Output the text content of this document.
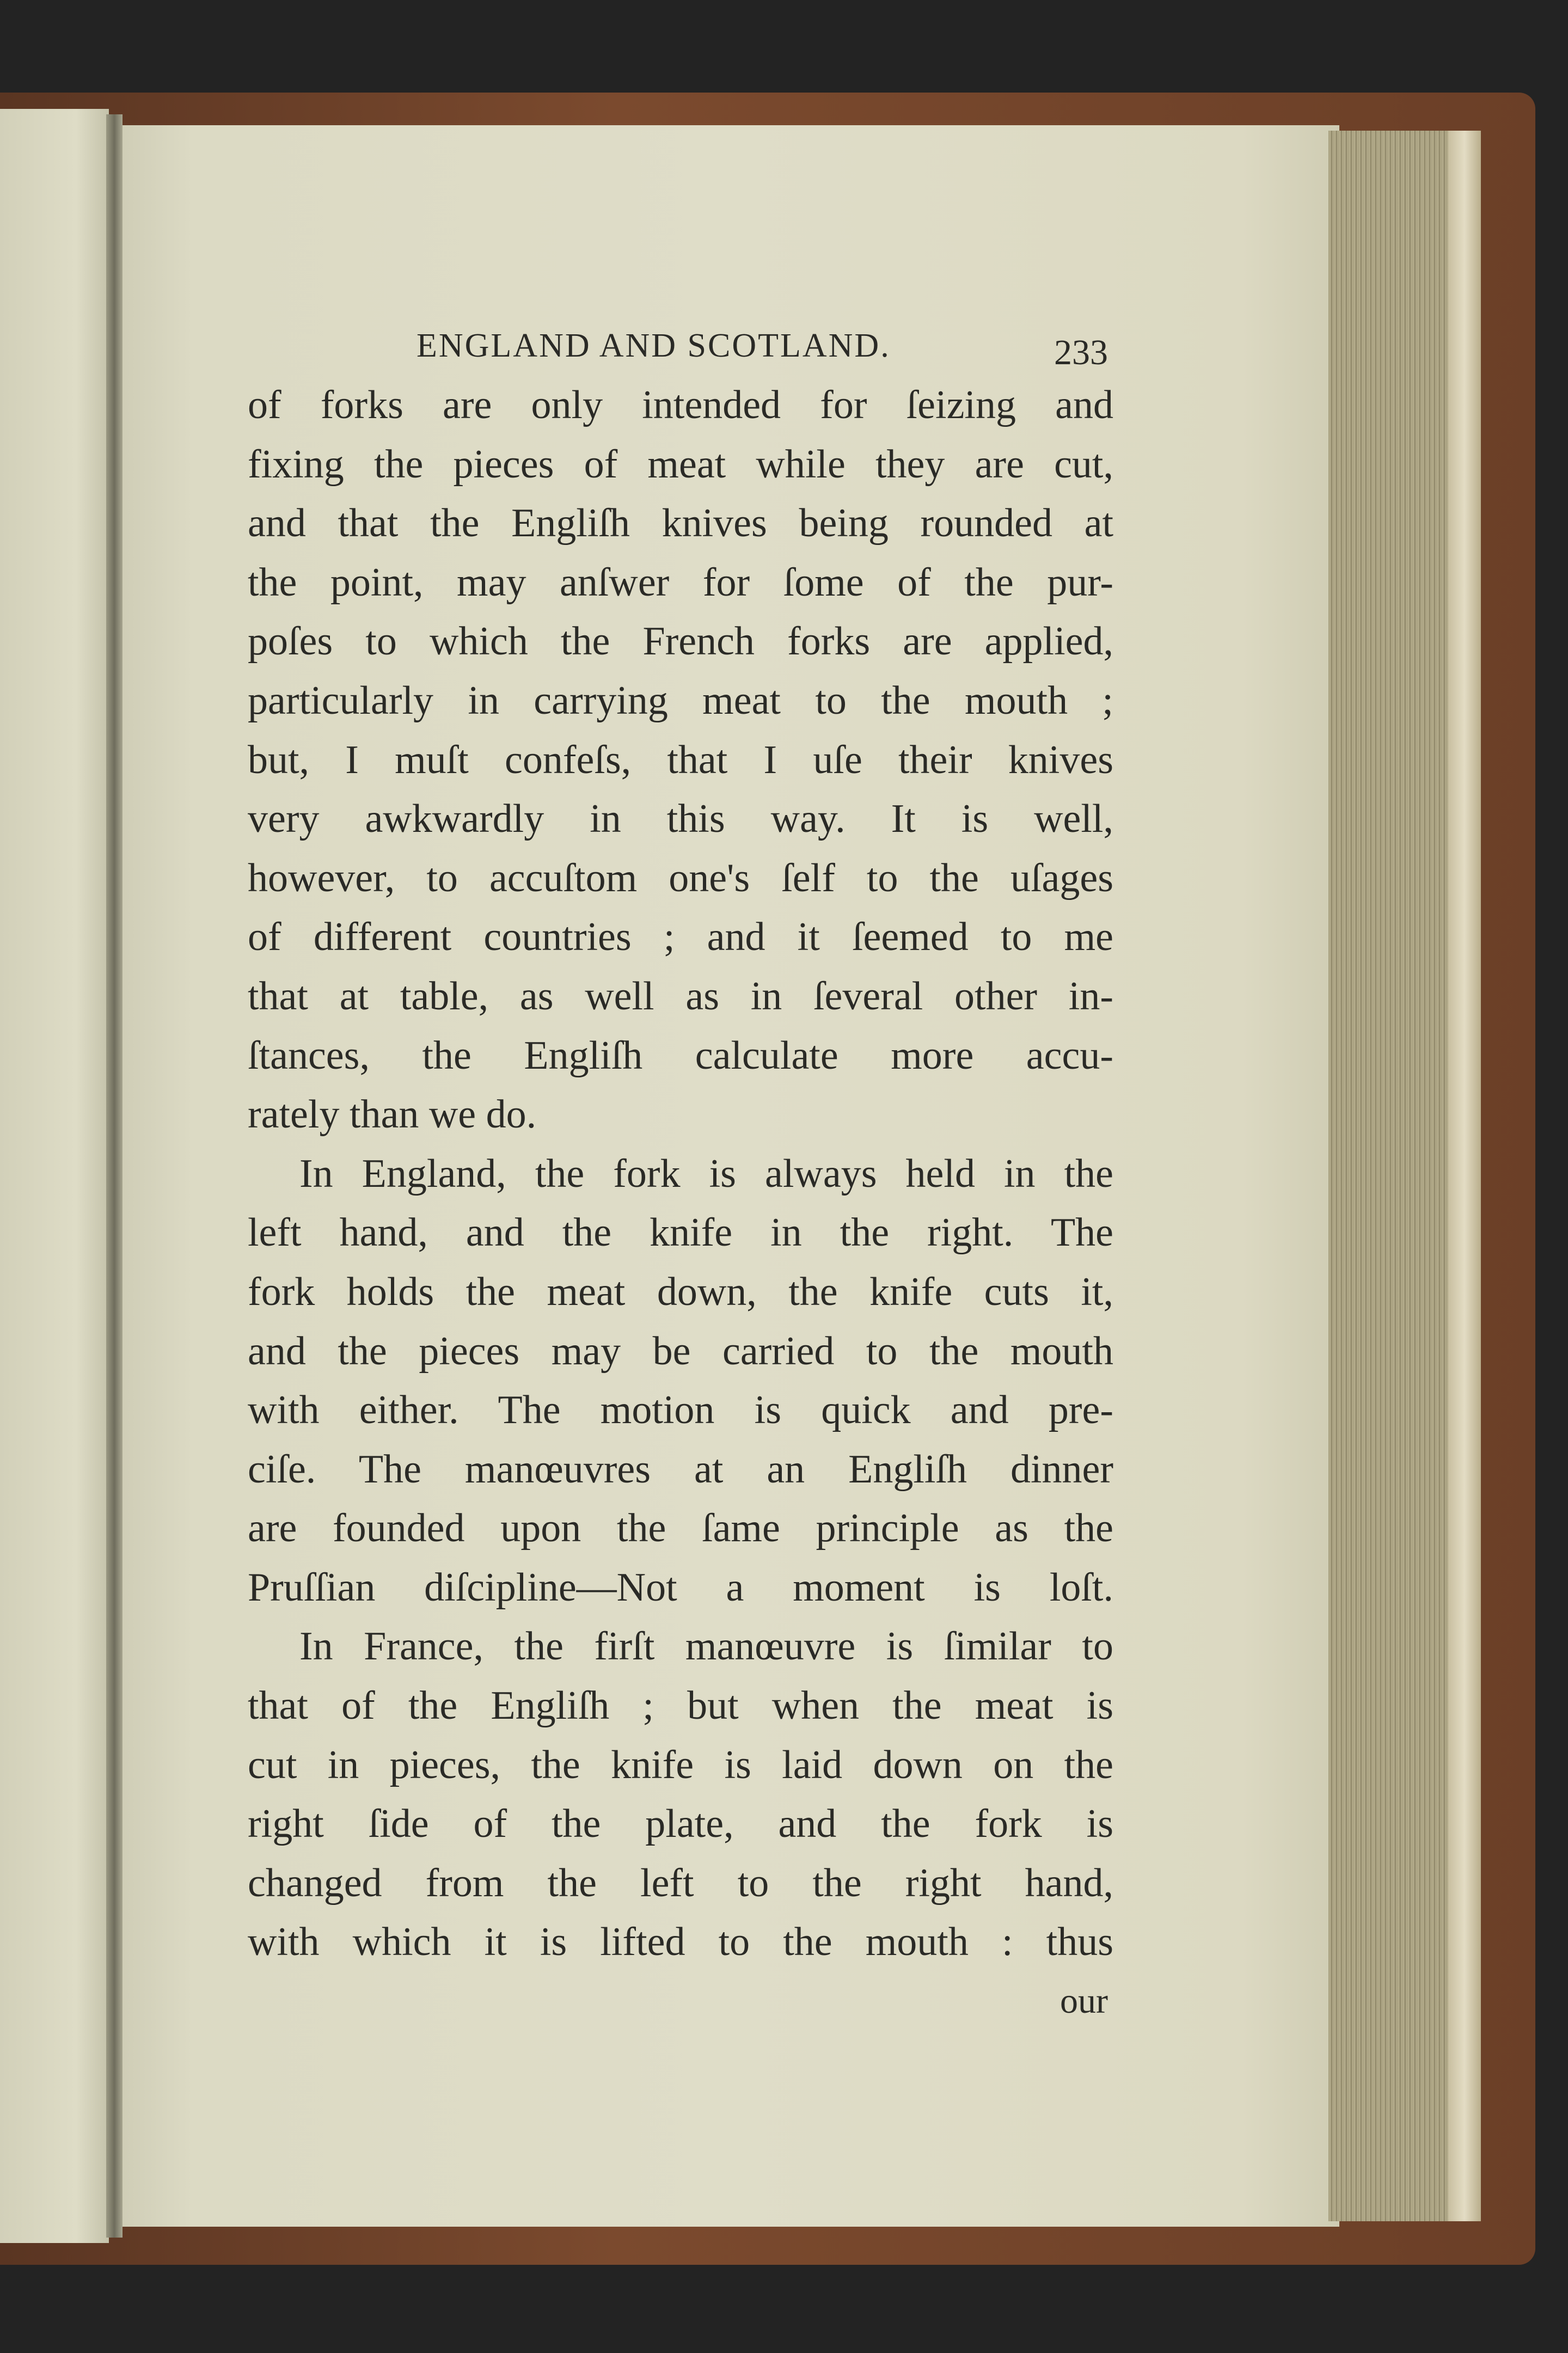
ENGLAND AND SCOTLAND.	233
of forks are only intended for ſeizing and
fixing the pieces of meat while they are cut,
and that the Engliſh knives being rounded at
the point, may anſwer for ſome of the pur-
poſes to which the French forks are applied,
particularly in carrying meat to the mouth ;
but, I muſt confeſs, that I uſe their knives
very awkwardly in this way. It is well,
however, to accuſtom one's ſelf to the uſages
of different countries ; and it ſeemed to me
that at table, as well as in ſeveral other in-
ſtances, the Engliſh calculate more accu-
rately than we do.
In England, the fork is always held in the
left hand, and the knife in the right. The
fork holds the meat down, the knife cuts it,
and the pieces may be carried to the mouth
with either. The motion is quick and pre-
ciſe. The manœuvres at an Engliſh dinner
are founded upon the ſame principle as the
Pruſſian diſcipline—Not a moment is loſt.
In France, the firſt manœuvre is ſimilar to
that of the Engliſh ; but when the meat is
cut in pieces, the knife is laid down on the
right ſide of the plate, and the fork is
changed from the left to the right hand,
with which it is lifted to the mouth : thus
our
